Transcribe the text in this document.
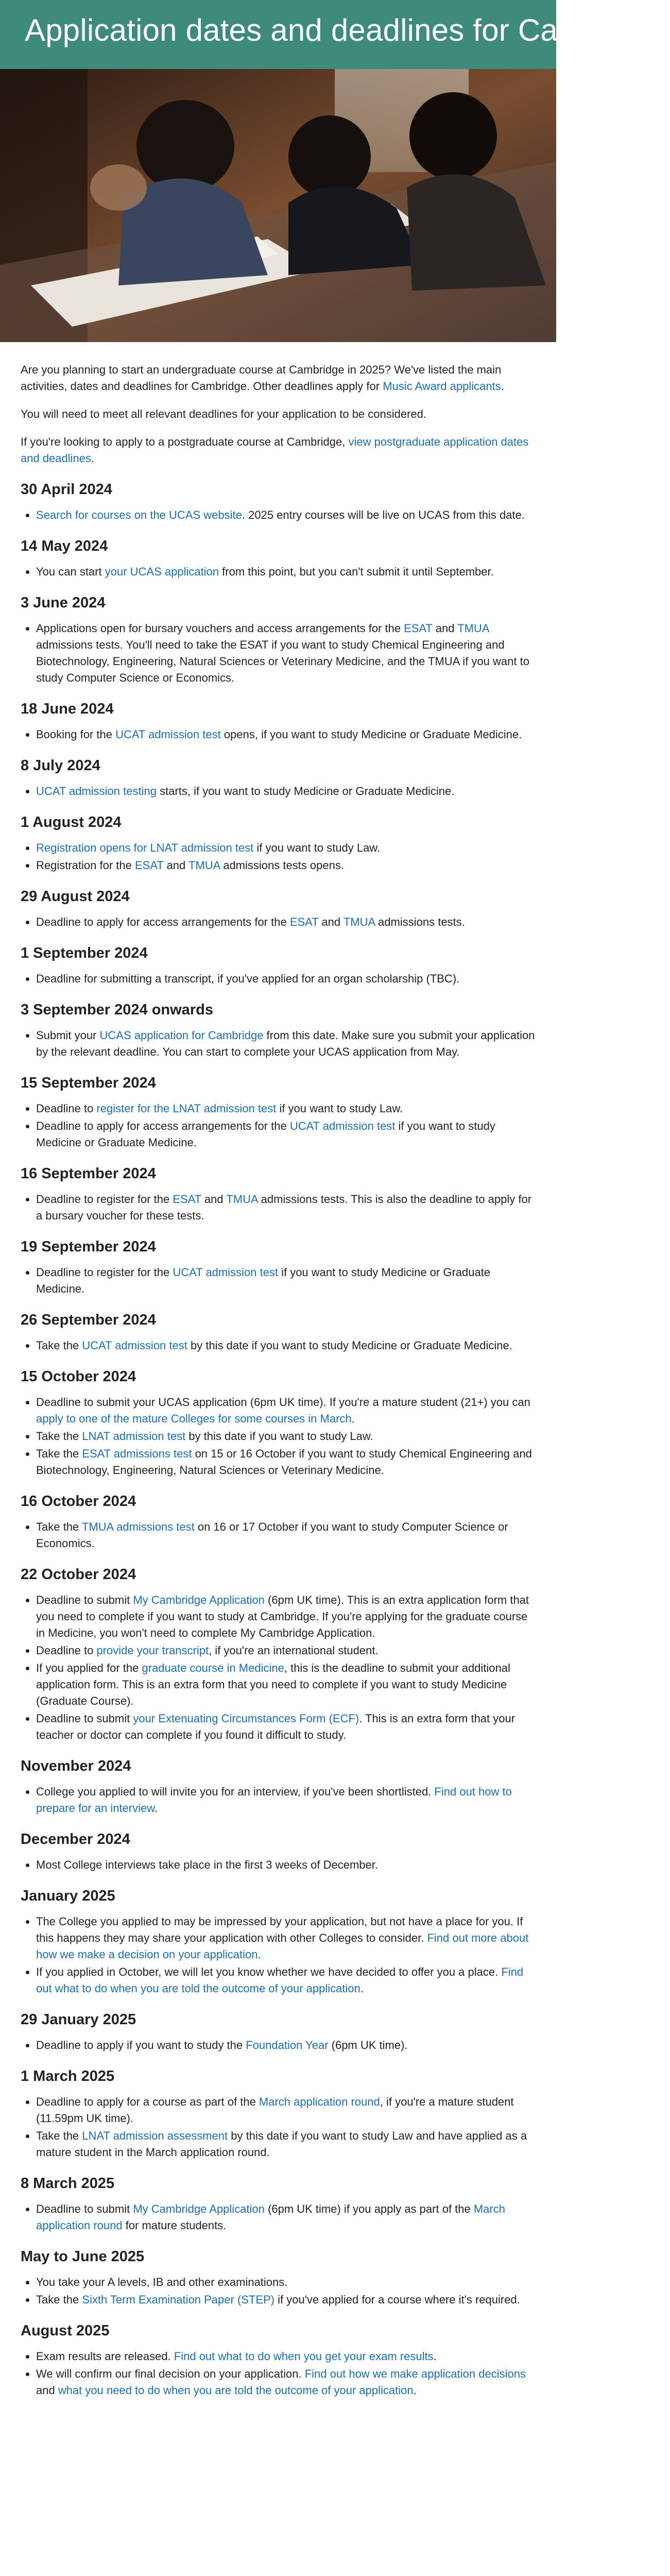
Application dates and deadlines for Cambridge

Are you planning to start an undergraduate course at Cambridge in 2025? We've listed the main activities, dates and deadlines for Cambridge. Other deadlines apply for Music Award applicants.

You will need to meet all relevant deadlines for your application to be considered.

If you're looking to apply to a postgraduate course at Cambridge, view postgraduate application dates and deadlines.

30 April 2024
• Search for courses on the UCAS website. 2025 entry courses will be live on UCAS from this date.
14 May 2024
• You can start your UCAS application from this point, but you can't submit it until September.
3 June 2024
• Applications open for bursary vouchers and access arrangements for the ESAT and TMUA admissions tests. You'll need to take the ESAT if you want to study Chemical Engineering and Biotechnology, Engineering, Natural Sciences or Veterinary Medicine, and the TMUA if you want to study Computer Science or Economics.
18 June 2024
• Booking for the UCAT admission test opens, if you want to study Medicine or Graduate Medicine.
8 July 2024
• UCAT admission testing starts, if you want to study Medicine or Graduate Medicine.
1 August 2024
• Registration opens for LNAT admission test if you want to study Law.
• Registration for the ESAT and TMUA admissions tests opens.
29 August 2024
• Deadline to apply for access arrangements for the ESAT and TMUA admissions tests.
1 September 2024
• Deadline for submitting a transcript, if you've applied for an organ scholarship (TBC).
3 September 2024 onwards
• Submit your UCAS application for Cambridge from this date. Make sure you submit your application by the relevant deadline. You can start to complete your UCAS application from May.
15 September 2024
• Deadline to register for the LNAT admission test if you want to study Law.
• Deadline to apply for access arrangements for the UCAT admission test if you want to study Medicine or Graduate Medicine.
16 September 2024
• Deadline to register for the ESAT and TMUA admissions tests. This is also the deadline to apply for a bursary voucher for these tests.
19 September 2024
• Deadline to register for the UCAT admission test if you want to study Medicine or Graduate Medicine.
26 September 2024
• Take the UCAT admission test by this date if you want to study Medicine or Graduate Medicine.
15 October 2024
• Deadline to submit your UCAS application (6pm UK time). If you're a mature student (21+) you can apply to one of the mature Colleges for some courses in March.
• Take the LNAT admission test by this date if you want to study Law.
• Take the ESAT admissions test on 15 or 16 October if you want to study Chemical Engineering and Biotechnology, Engineering, Natural Sciences or Veterinary Medicine.
16 October 2024
• Take the TMUA admissions test on 16 or 17 October if you want to study Computer Science or Economics.
22 October 2024
• Deadline to submit My Cambridge Application (6pm UK time). This is an extra application form that you need to complete if you want to study at Cambridge. If you're applying for the graduate course in Medicine, you won't need to complete My Cambridge Application.
• Deadline to provide your transcript, if you're an international student.
• If you applied for the graduate course in Medicine, this is the deadline to submit your additional application form. This is an extra form that you need to complete if you want to study Medicine (Graduate Course).
• Deadline to submit your Extenuating Circumstances Form (ECF). This is an extra form that your teacher or doctor can complete if you found it difficult to study.
November 2024
• College you applied to will invite you for an interview, if you've been shortlisted. Find out how to prepare for an interview.
December 2024
• Most College interviews take place in the first 3 weeks of December.
January 2025
• The College you applied to may be impressed by your application, but not have a place for you. If this happens they may share your application with other Colleges to consider. Find out more about how we make a decision on your application.
• If you applied in October, we will let you know whether we have decided to offer you a place. Find out what to do when you are told the outcome of your application.
29 January 2025
• Deadline to apply if you want to study the Foundation Year (6pm UK time).
1 March 2025
• Deadline to apply for a course as part of the March application round, if you're a mature student (11.59pm UK time).
• Take the LNAT admission assessment by this date if you want to study Law and have applied as a mature student in the March application round.
8 March 2025
• Deadline to submit My Cambridge Application (6pm UK time) if you apply as part of the March application round for mature students.
May to June 2025
• You take your A levels, IB and other examinations.
• Take the Sixth Term Examination Paper (STEP) if you've applied for a course where it's required.
August 2025
• Exam results are released. Find out what to do when you get your exam results.
• We will confirm our final decision on your application. Find out how we make application decisions and what you need to do when you are told the outcome of your application.
